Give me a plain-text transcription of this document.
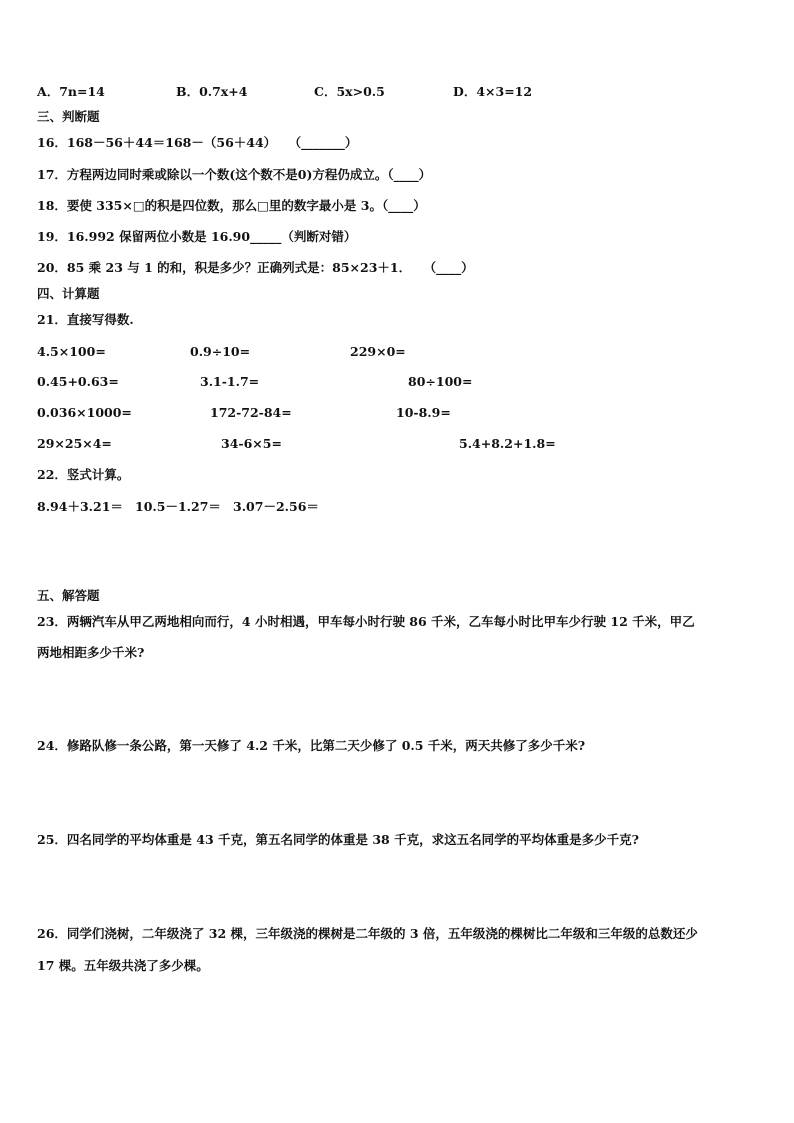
A．7n=14	B．0.7x+4	C．5x>0.5	D．4×3=12
三、判断题
16．168－56＋44＝168－（56＋44）　　（_______）
17．方程两边同时乘或除以一个数(这个数不是0)方程仍成立。（____）
18．要使 335×□的积是四位数，那么□里的数字最小是 3。（____）
19．16.992 保留两位小数是 16.90_____（判断对错）
20．85 乘 23 与 1 的和，积是多少？正确列式是：85×23＋1．　　（____）
四、计算题
21．直接写得数.
4.5×100=	0.9÷10=	229×0=
0.45+0.63=	3.1-1.7=	80÷100=
0.036×1000=	172-72-84=	10-8.9=
29×25×4=	34-6×5=	5.4+8.2+1.8=
22．竖式计算。
8.94＋3.21＝ 10.5－1.27＝ 3.07－2.56＝
五、解答题
23．两辆汽车从甲乙两地相向而行，4 小时相遇，甲车每小时行驶 86 千米，乙车每小时比甲车少行驶 12 千米，甲乙
两地相距多少千米?
24．修路队修一条公路，第一天修了 4.2 千米，比第二天少修了 0.5 千米，两天共修了多少千米?
25．四名同学的平均体重是 43 千克，第五名同学的体重是 38 千克，求这五名同学的平均体重是多少千克?
26．同学们浇树，二年级浇了 32 棵，三年级浇的棵树是二年级的 3 倍，五年级浇的棵树比二年级和三年级的总数还少
17 棵。五年级共浇了多少棵。
